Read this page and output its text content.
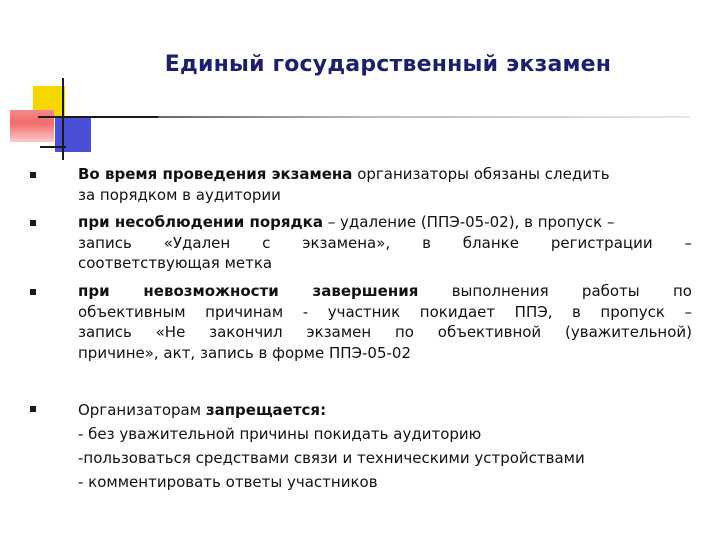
Единый государственный экзамен
Во время проведения экзамена организаторы обязаны следить
за порядком в аудитории
при несоблюдении порядка – удаление (ППЭ-05-02), в пропуск –
запись «Удален с экзамена», в бланке регистрации –
соответствующая метка
при невозможности завершения выполнения работы по
объективным причинам - участник покидает ППЭ, в пропуск –
запись «Не закончил экзамен по объективной (уважительной)
причине», акт, запись в форме ППЭ-05-02
Организаторам запрещается:
- без уважительной причины покидать аудиторию
-пользоваться средствами связи и техническими устройствами
- комментировать ответы участников
